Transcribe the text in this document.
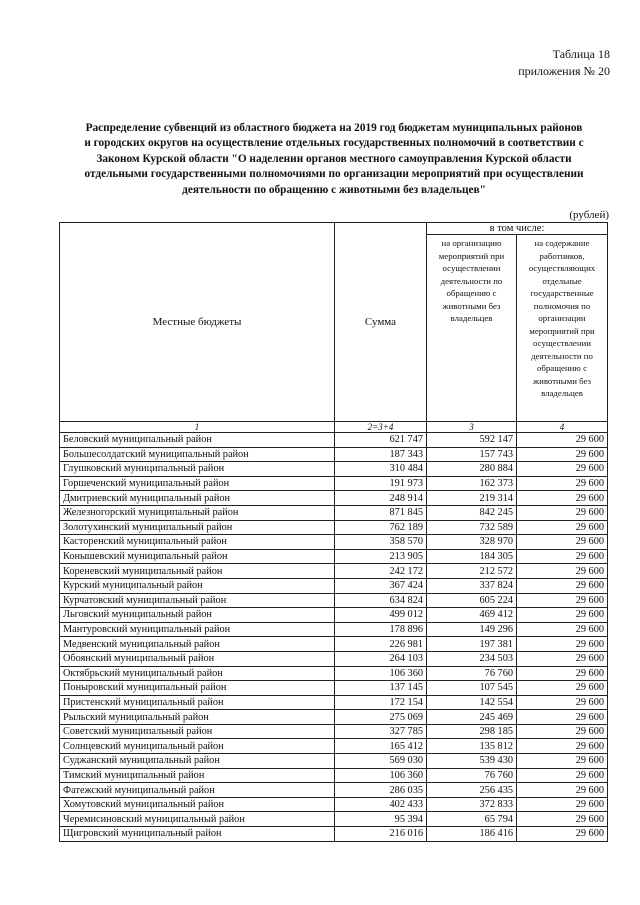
Таблица 18
приложения № 20
Распределение субвенций из областного бюджета на 2019 год бюджетам муниципальных районов
и городских округов на осуществление отдельных государственных полномочий в соответствии с
Законом Курской области "О наделении органов местного самоуправления Курской области
отдельными государственными полномочиями по организации мероприятий при осуществлении
деятельности по обращению с животными без владельцев"
(рублей)
Местные бюджеты	Сумма	в том числе:	
		на организацию мероприятий при осуществлении деятельности по обращению с животными без владельцев	на содержание работников, осуществляющих отдельные государственные полномочия по организации мероприятий при осуществлении деятельности по обращению с животными без владельцев
1	2=3+4	3	4
Беловский муниципальный район	621 747	592 147	29 600
Большесолдатский муниципальный район	187 343	157 743	29 600
Глушковский муниципальный район	310 484	280 884	29 600
Горшеченский муниципальный район	191 973	162 373	29 600
Дмитриевский муниципальный район	248 914	219 314	29 600
Железногорский муниципальный район	871 845	842 245	29 600
Золотухинский муниципальный район	762 189	732 589	29 600
Касторенский муниципальный район	358 570	328 970	29 600
Конышевский муниципальный район	213 905	184 305	29 600
Кореневский муниципальный район	242 172	212 572	29 600
Курский муниципальный район	367 424	337 824	29 600
Курчатовский муниципальный район	634 824	605 224	29 600
Льговский муниципальный район	499 012	469 412	29 600
Мантуровский муниципальный район	178 896	149 296	29 600
Медвенский муниципальный район	226 981	197 381	29 600
Обоянский муниципальный район	264 103	234 503	29 600
Октябрьский муниципальный район	106 360	76 760	29 600
Поныровский муниципальный район	137 145	107 545	29 600
Пристенский муниципальный район	172 154	142 554	29 600
Рыльский муниципальный район	275 069	245 469	29 600
Советский муниципальный район	327 785	298 185	29 600
Солнцевский муниципальный район	165 412	135 812	29 600
Суджанский муниципальный район	569 030	539 430	29 600
Тимский муниципальный район	106 360	76 760	29 600
Фатежский муниципальный район	286 035	256 435	29 600
Хомутовский муниципальный район	402 433	372 833	29 600
Черемисиновский муниципальный район	95 394	65 794	29 600
Щигровский муниципальный район	216 016	186 416	29 600
